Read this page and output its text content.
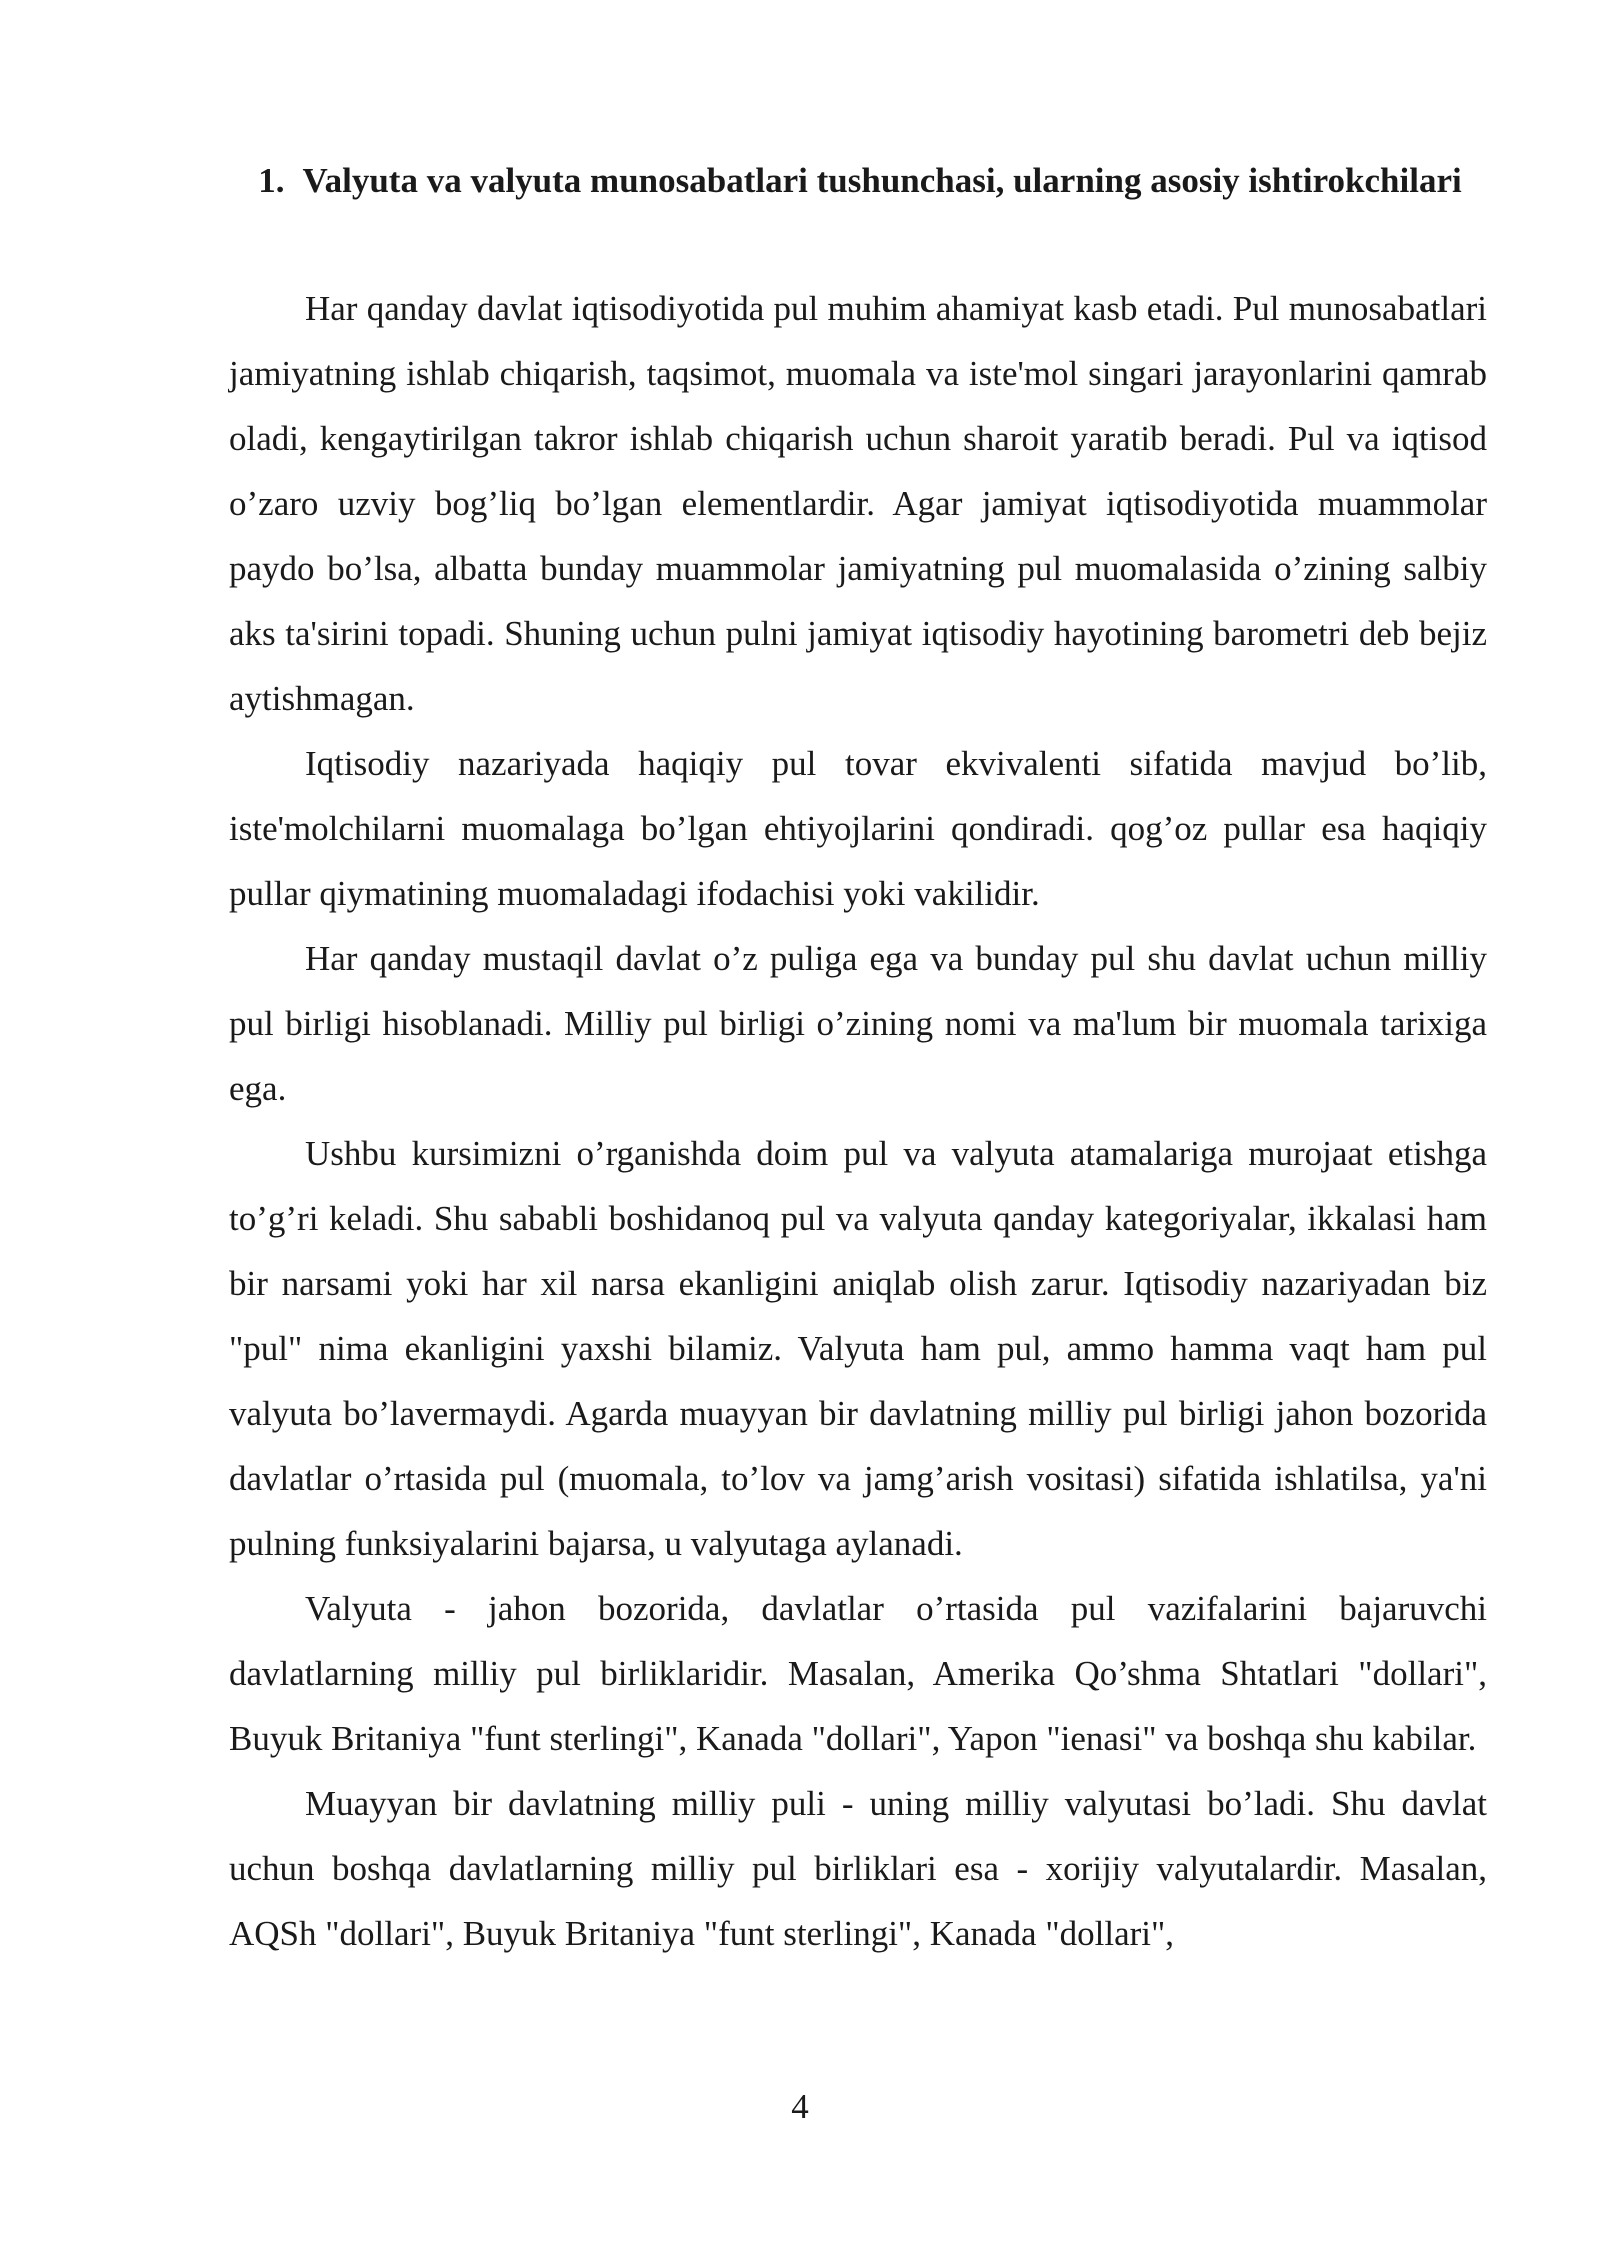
1. Valyuta va valyuta munosabatlari tushunchasi, ularning asosiy ishtirokchilari

Har qanday davlat iqtisodiyotida pul muhim ahamiyat kasb etadi. Pul munosabatlari jamiyatning ishlab chiqarish, taqsimot, muomala va iste'mol singari jarayonlarini qamrab oladi, kengaytirilgan takror ishlab chiqarish uchun sharoit yaratib beradi. Pul va iqtisod o’zaro uzviy bog’liq bo’lgan elementlardir. Agar jamiyat iqtisodiyotida muammolar paydo bo’lsa, albatta bunday muammolar jamiyatning pul muomalasida o’zining salbiy aks ta'sirini topadi. Shuning uchun pulni jamiyat iqtisodiy hayotining barometri deb bejiz aytishmagan.

Iqtisodiy nazariyada haqiqiy pul tovar ekvivalenti sifatida mavjud bo’lib, iste'molchilarni muomalaga bo’lgan ehtiyojlarini qondiradi. qog’oz pullar esa haqiqiy pullar qiymatining muomaladagi ifodachisi yoki vakilidir.

Har qanday mustaqil davlat o’z puliga ega va bunday pul shu davlat uchun milliy pul birligi hisoblanadi. Milliy pul birligi o’zining nomi va ma'lum bir muomala tarixiga ega.

Ushbu kursimizni o’rganishda doim pul va valyuta atamalariga murojaat etishga to’g’ri keladi. Shu sababli boshidanoq pul va valyuta qanday kategoriyalar, ikkalasi ham bir narsami yoki har xil narsa ekanligini aniqlab olish zarur. Iqtisodiy nazariyadan biz "pul" nima ekanligini yaxshi bilamiz. Valyuta ham pul, ammo hamma vaqt ham pul valyuta bo’lavermaydi. Agarda muayyan bir davlatning milliy pul birligi jahon bozorida davlatlar o’rtasida pul (muomala, to’lov va jamg’arish vositasi) sifatida ishlatilsa, ya'ni pulning funksiyalarini bajarsa, u valyutaga aylanadi.

Valyuta - jahon bozorida, davlatlar o’rtasida pul vazifalarini bajaruvchi davlatlarning milliy pul birliklaridir. Masalan, Amerika Qo’shma Shtatlari "dollari", Buyuk Britaniya "funt sterlingi", Kanada "dollari", Yapon "ienasi" va boshqa shu kabilar.

Muayyan bir davlatning milliy puli - uning milliy valyutasi bo’ladi. Shu davlat uchun boshqa davlatlarning milliy pul birliklari esa - xorijiy valyutalardir. Masalan, AQSh "dollari", Buyuk Britaniya "funt sterlingi", Kanada "dollari",

4
